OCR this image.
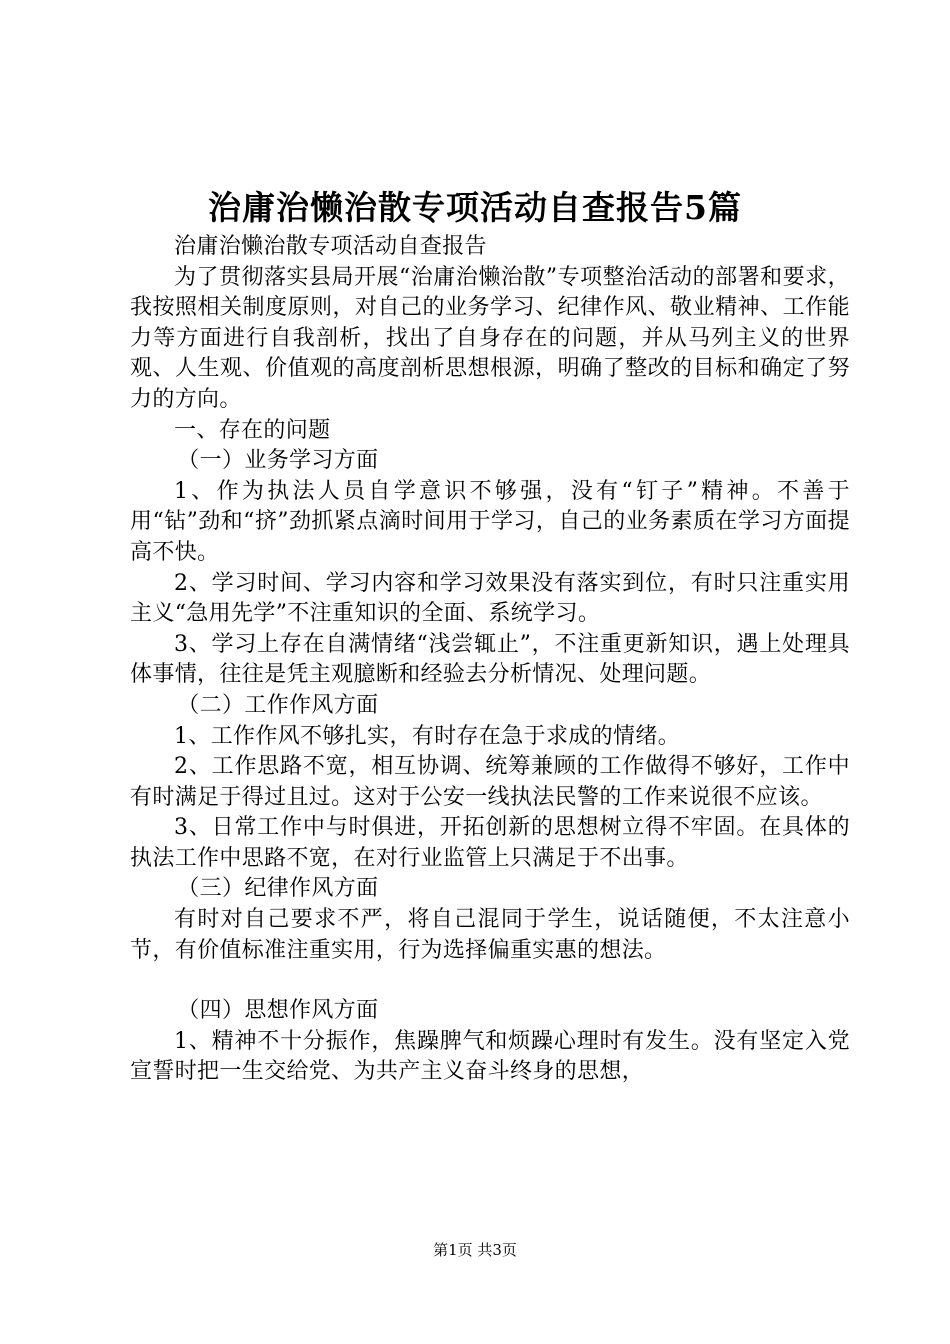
治庸治懒治散专项活动自查报告5篇

治庸治懒治散专项活动自查报告

为了贯彻落实县局开展“治庸治懒治散”专项整治活动的部署和要求，我按照相关制度原则，对自己的业务学习、纪律作风、敬业精神、工作能力等方面进行自我剖析，找出了自身存在的问题，并从马列主义的世界观、人生观、价值观的高度剖析思想根源，明确了整改的目标和确定了努力的方向。

一、存在的问题

（一）业务学习方面

1、作为执法人员自学意识不够强，没有“钉子”精神。不善于用“钻”劲和“挤”劲抓紧点滴时间用于学习，自己的业务素质在学习方面提高不快。

2、学习时间、学习内容和学习效果没有落实到位，有时只注重实用主义“急用先学”不注重知识的全面、系统学习。

3、学习上存在自满情绪“浅尝辄止”，不注重更新知识，遇上处理具体事情，往往是凭主观臆断和经验去分析情况、处理问题。

（二）工作作风方面

1、工作作风不够扎实，有时存在急于求成的情绪。

2、工作思路不宽，相互协调、统筹兼顾的工作做得不够好，工作中有时满足于得过且过。这对于公安一线执法民警的工作来说很不应该。

3、日常工作中与时俱进，开拓创新的思想树立得不牢固。在具体的执法工作中思路不宽，在对行业监管上只满足于不出事。

（三）纪律作风方面

有时对自己要求不严，将自己混同于学生，说话随便，不太注意小节，有价值标准注重实用，行为选择偏重实惠的想法。

（四）思想作风方面

1、精神不十分振作，焦躁脾气和烦躁心理时有发生。没有坚定入党宣誓时把一生交给党、为共产主义奋斗终身的思想，

第1页 共3页
